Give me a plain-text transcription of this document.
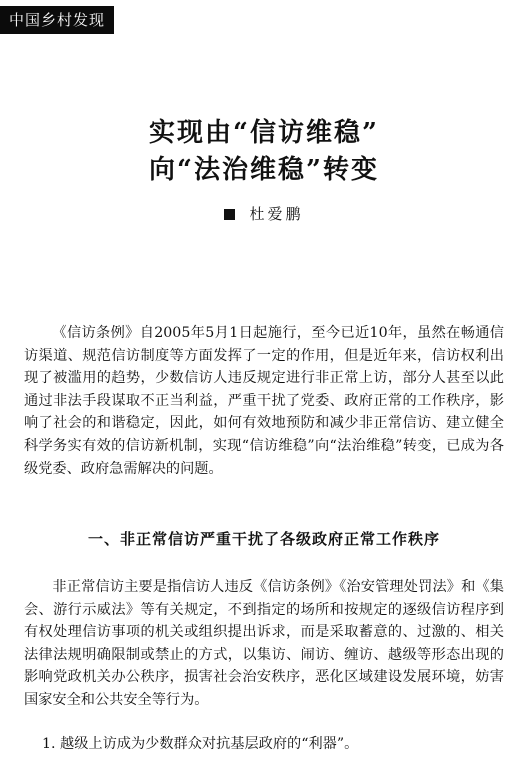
中国乡村发现
实现由“信访维稳”
向“法治维稳”转变
杜爱鹏
《信访条例》自2005年5月1日起施行，至今已近10年，虽然在畅通信访渠道、规范信访制度等方面发挥了一定的作用，但是近年来，信访权利出现了被滥用的趋势，少数信访人违反规定进行非正常上访，部分人甚至以此通过非法手段谋取不正当利益，严重干扰了党委、政府正常的工作秩序，影响了社会的和谐稳定，因此，如何有效地预防和减少非正常信访、建立健全科学务实有效的信访新机制，实现“信访维稳”向“法治维稳”转变，已成为各级党委、政府急需解决的问题。
一、非正常信访严重干扰了各级政府正常工作秩序
非正常信访主要是指信访人违反《信访条例》《治安管理处罚法》和《集会、游行示威法》等有关规定，不到指定的场所和按规定的逐级信访程序到有权处理信访事项的机关或组织提出诉求，而是采取蓄意的、过激的、相关法律法规明确限制或禁止的方式，以集访、闹访、缠访、越级等形态出现的影响党政机关办公秩序，损害社会治安秩序，恶化区域建设发展环境，妨害国家安全和公共安全等行为。
1. 越级上访成为少数群众对抗基层政府的“利器”。
